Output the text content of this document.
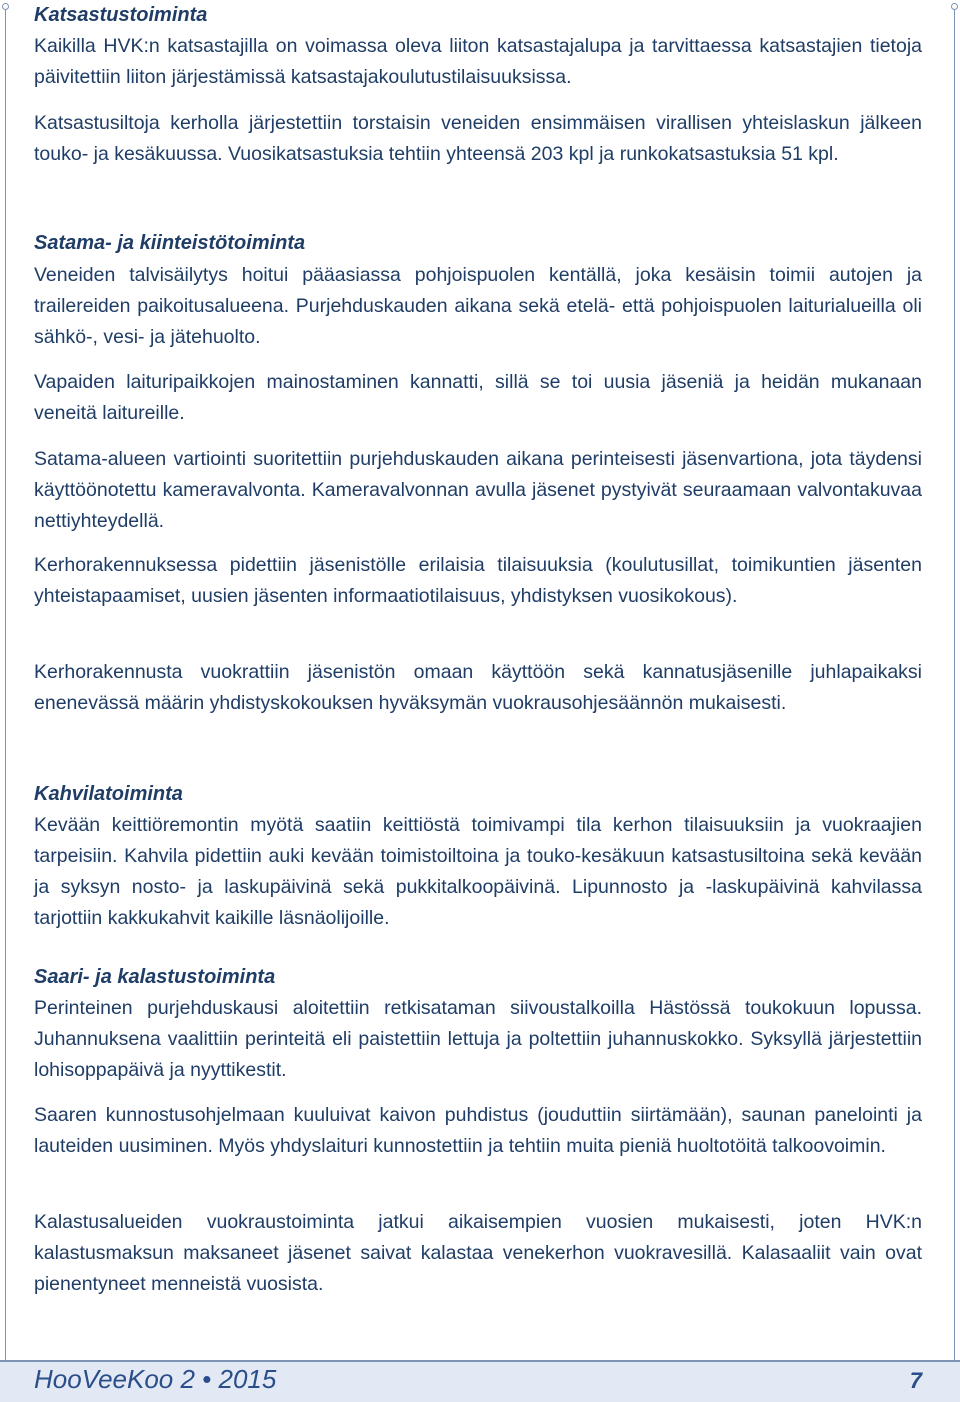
Katsastustoiminta

Kaikilla HVK:n katsastajilla on voimassa oleva liiton katsastajalupa ja tarvittaessa katsastajien tietoja päivitettiin liiton järjestämissä katsastajakoulutustilaisuuksissa.

Katsastusiltoja kerholla järjestettiin torstaisin veneiden ensimmäisen virallisen yhteislaskun jälkeen touko- ja kesäkuussa. Vuosikatsastuksia tehtiin yhteensä 203 kpl ja runkokatsastuksia 51 kpl.

Satama- ja kiinteistötoiminta

Veneiden talvisäilytys hoitui pääasiassa pohjoispuolen kentällä, joka kesäisin toimii autojen ja trailereiden paikoitusalueena. Purjehduskauden aikana sekä etelä- että pohjoispuolen laiturialueilla oli sähkö-, vesi- ja jätehuolto.

Vapaiden laituripaikkojen mainostaminen kannatti, sillä se toi uusia jäseniä ja heidän mukanaan veneitä laitureille.

Satama-alueen vartiointi suoritettiin purjehduskauden aikana perinteisesti jäsenvartiona, jota täydensi käyttöönotettu kameravalvonta. Kameravalvonnan avulla jäsenet pystyivät seuraamaan valvontakuvaa nettiyhteydellä.

Kerhorakennuksessa pidettiin jäsenistölle erilaisia tilaisuuksia (koulutusillat, toimikuntien jäsenten yhteistapaamiset, uusien jäsenten informaatiotilaisuus, yhdistyksen vuosikokous).

Kerhorakennusta vuokrattiin jäsenistön omaan käyttöön sekä kannatusjäsenille juhlapaikaksi enenevässä määrin yhdistyskokouksen hyväksymän vuokrausohjesäännön mukaisesti.

Kahvilatoiminta

Kevään keittiöremontin myötä saatiin keittiöstä toimivampi tila kerhon tilaisuuksiin ja vuokraajien tarpeisiin. Kahvila pidettiin auki kevään toimistoiltoina ja touko-kesäkuun katsastusiltoina sekä kevään ja syksyn nosto- ja laskupäivinä sekä pukkitalkoopäivinä. Lipunnosto ja -laskupäivinä kahvilassa tarjottiin kakkukahvit kaikille läsnäolijoille.

Saari- ja kalastustoiminta

Perinteinen purjehduskausi aloitettiin retkisataman siivoustalkoilla Hästössä toukokuun lopussa. Juhannuksena vaalittiin perinteitä eli paistettiin lettuja ja poltettiin juhannuskokko. Syksyllä järjestettiin lohisoppapäivä ja nyyttikestit.

Saaren kunnostusohjelmaan kuuluivat kaivon puhdistus (jouduttiin siirtämään), saunan panelointi ja lauteiden uusiminen. Myös yhdyslaituri kunnostettiin ja tehtiin muita pieniä huoltotöitä talkoovoimin.

Kalastusalueiden vuokraustoiminta jatkui aikaisempien vuosien mukaisesti, joten HVK:n kalastusmaksun maksaneet jäsenet saivat kalastaa venekerhon vuokravesillä. Kalasaaliit vain ovat pienentyneet menneistä vuosista.

HooVeeKoo 2 • 2015	7
